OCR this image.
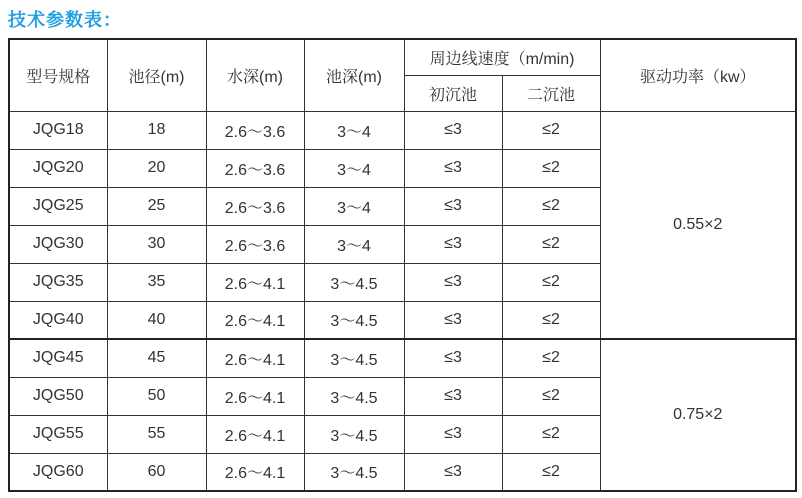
技术参数表：
型号规格	池径(m)	水深(m)	池深(m)	周边线速度（m/min)		驱动功率（kw）
				初沉池	二沉池	
JQG18	18	2.6～3.6	3～4	≤3	≤2	0.55×2
JQG20	20	2.6～3.6	3～4	≤3	≤2	
JQG25	25	2.6～3.6	3～4	≤3	≤2	
JQG30	30	2.6～3.6	3～4	≤3	≤2	
JQG35	35	2.6～4.1	3～4.5	≤3	≤2	
JQG40	40	2.6～4.1	3～4.5	≤3	≤2	
JQG45	45	2.6～4.1	3～4.5	≤3	≤2	0.75×2
JQG50	50	2.6～4.1	3～4.5	≤3	≤2	
JQG55	55	2.6～4.1	3～4.5	≤3	≤2	
JQG60	60	2.6～4.1	3～4.5	≤3	≤2	
